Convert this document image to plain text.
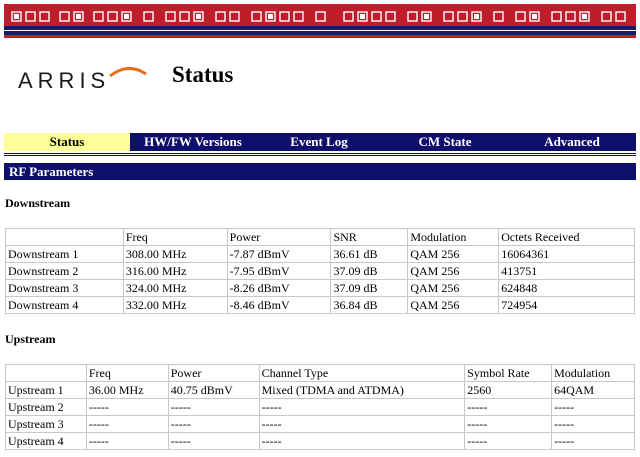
ARRIS	Status
Status	HW/FW Versions	Event Log	CM State	Advanced
RF Parameters
Downstream
	Freq	Power	SNR	Modulation	Octets Received
Downstream 1	308.00 MHz	-7.87 dBmV	36.61 dB	QAM 256	16064361
Downstream 2	316.00 MHz	-7.95 dBmV	37.09 dB	QAM 256	413751
Downstream 3	324.00 MHz	-8.26 dBmV	37.09 dB	QAM 256	624848
Downstream 4	332.00 MHz	-8.46 dBmV	36.84 dB	QAM 256	724954
Upstream
	Freq	Power	Channel Type	Symbol Rate	Modulation
Upstream 1	36.00 MHz	40.75 dBmV	Mixed (TDMA and ATDMA)	2560	64QAM
Upstream 2	-----	-----	-----	-----	-----
Upstream 3	-----	-----	-----	-----	-----
Upstream 4	-----	-----	-----	-----	-----
